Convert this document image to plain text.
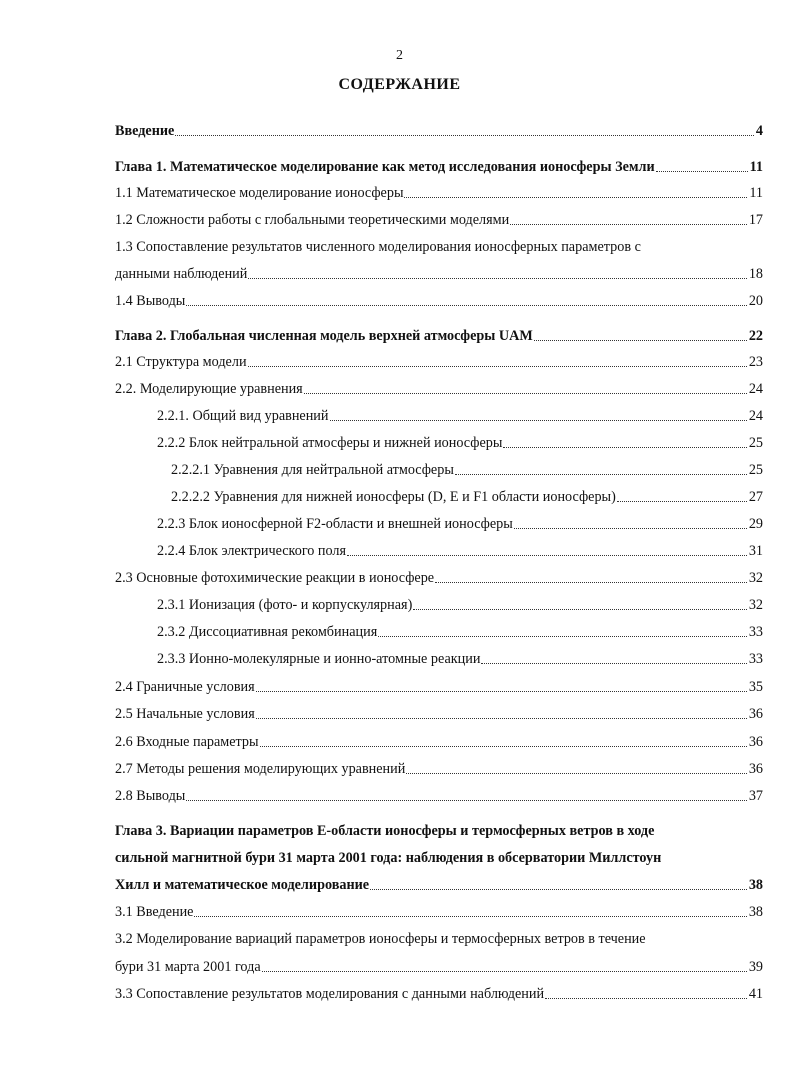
2
СОДЕРЖАНИЕ
Введение	4
Глава 1. Математическое моделирование как метод исследования ионосферы Земли	11
1.1 Математическое моделирование ионосферы	11
1.2 Сложности работы с глобальными теоретическими моделями	17
1.3 Сопоставление результатов численного моделирования ионосферных параметров с
данными наблюдений	18
1.4 Выводы	20
Глава 2. Глобальная численная модель верхней атмосферы UAM	22
2.1 Структура модели	23
2.2. Моделирующие уравнения	24
2.2.1. Общий вид уравнений	24
2.2.2 Блок нейтральной атмосферы и нижней ионосферы	25
2.2.2.1 Уравнения для нейтральной атмосферы	25
2.2.2.2 Уравнения для нижней ионосферы (D, E и F1 области ионосферы)	27
2.2.3 Блок ионосферной F2-области и внешней ионосферы	29
2.2.4 Блок электрического поля	31
2.3 Основные фотохимические реакции в ионосфере	32
2.3.1 Ионизация (фото- и корпускулярная)	32
2.3.2 Диссоциативная рекомбинация	33
2.3.3 Ионно-молекулярные и ионно-атомные реакции	33
2.4 Граничные условия	35
2.5 Начальные условия	36
2.6 Входные параметры	36
2.7 Методы решения моделирующих уравнений	36
2.8 Выводы	37
Глава 3. Вариации параметров Е-области ионосферы и термосферных ветров в ходе
сильной магнитной бури 31 марта 2001 года: наблюдения в обсерватории Миллстоун
Хилл и математическое моделирование	38
3.1 Введение	38
3.2 Моделирование вариаций параметров ионосферы и термосферных ветров в течение
бури 31 марта 2001 года	39
3.3 Сопоставление результатов моделирования с данными наблюдений	41
